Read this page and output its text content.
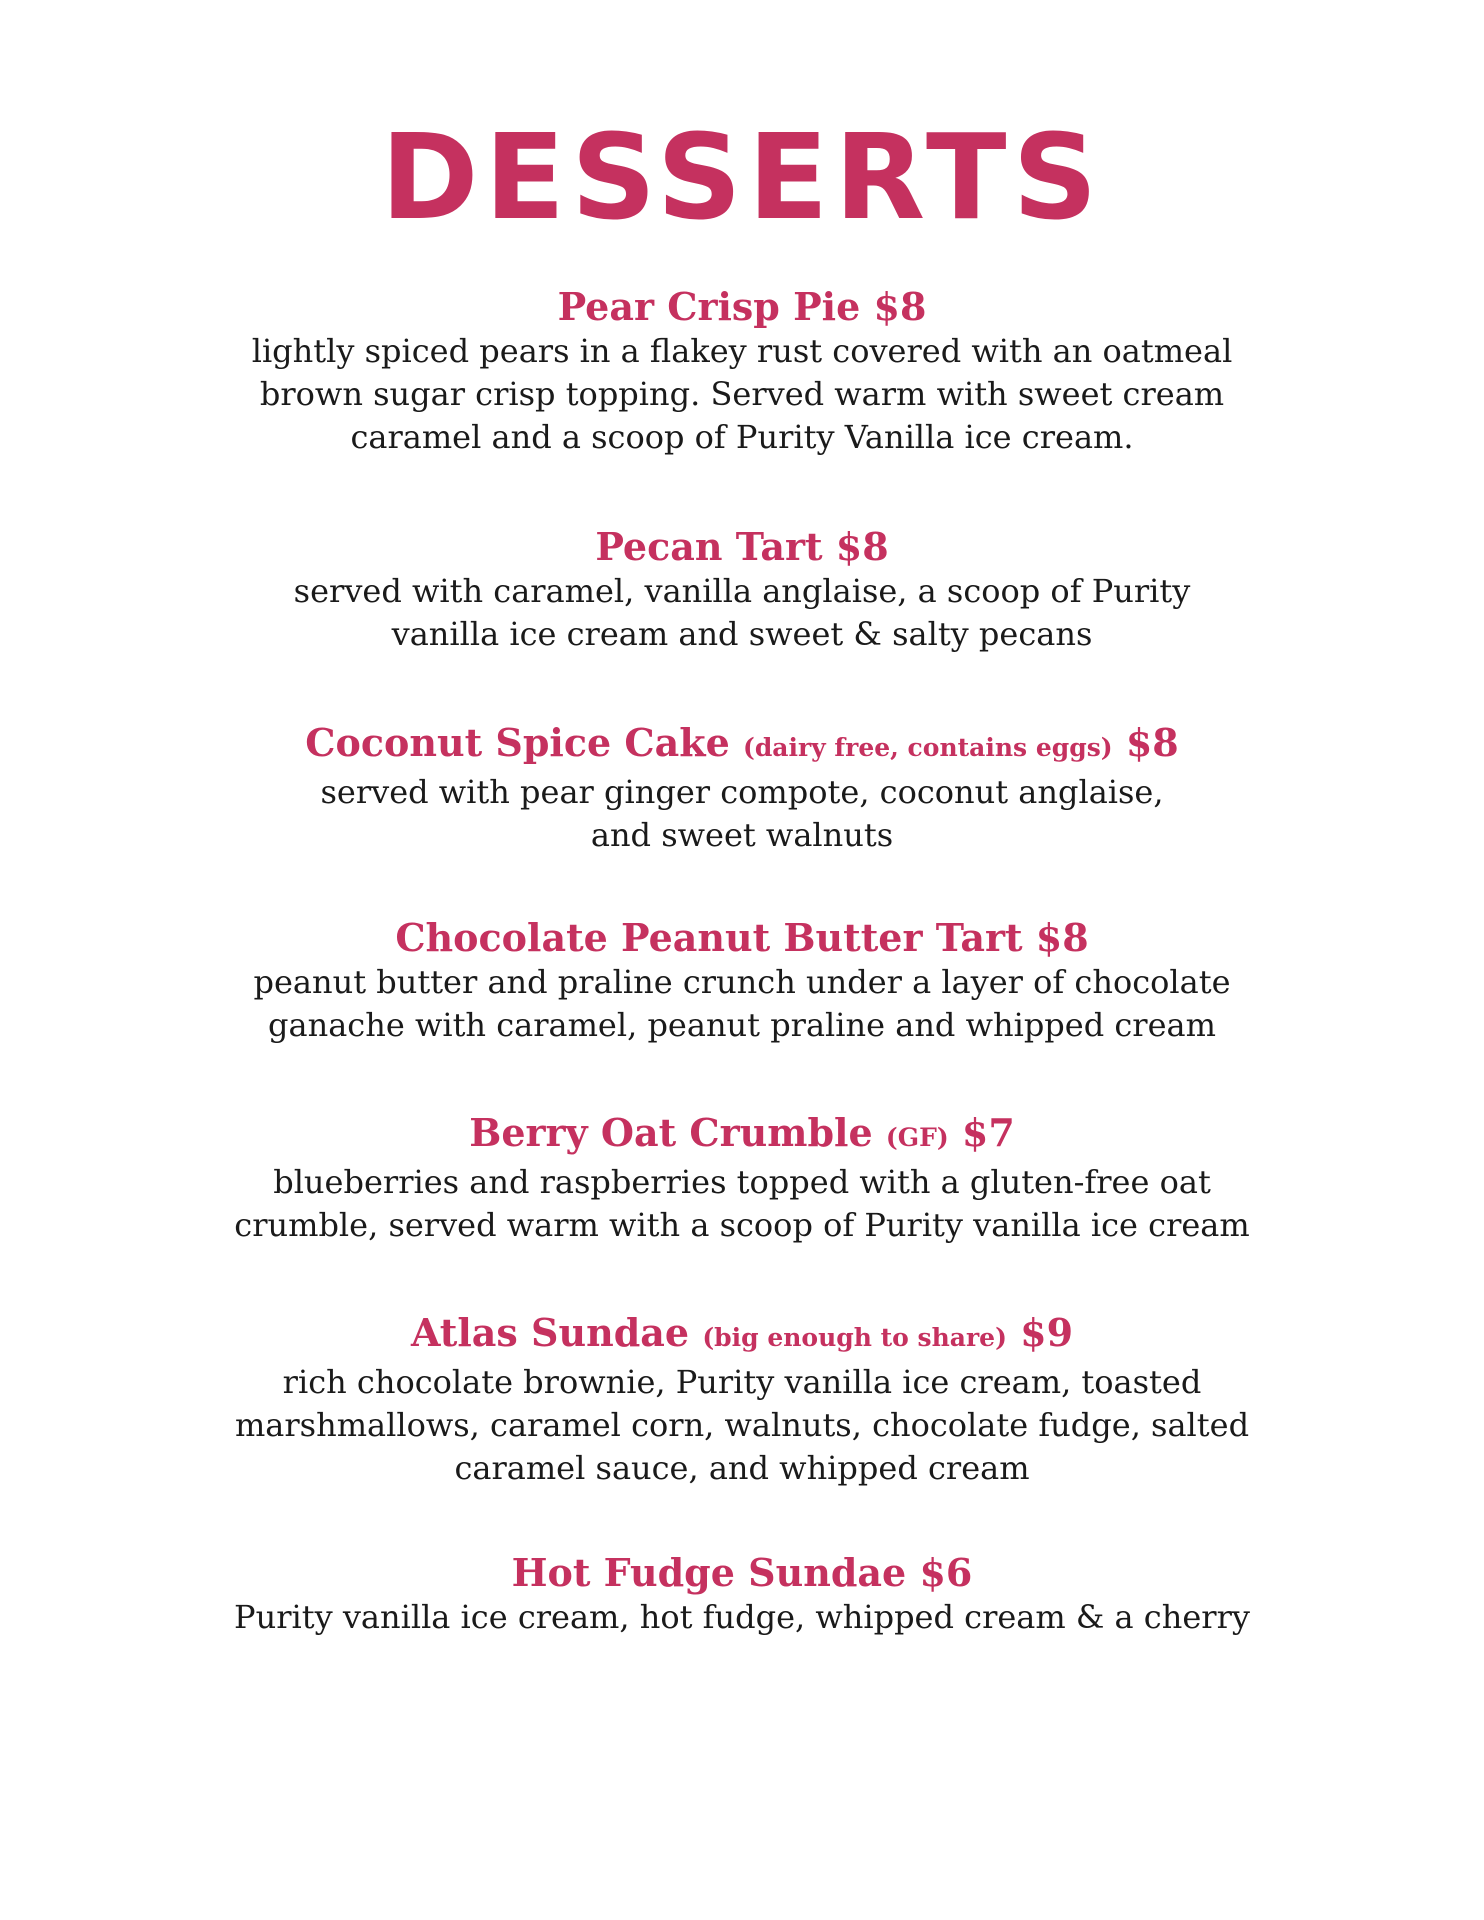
DESSERTS
Pear Crisp Pie $8
lightly spiced pears in a flakey rust covered with an oatmeal
brown sugar crisp topping. Served warm with sweet cream
caramel and a scoop of Purity Vanilla ice cream.
Pecan Tart $8
served with caramel, vanilla anglaise, a scoop of Purity
vanilla ice cream and sweet & salty pecans
Coconut Spice Cake (dairy free, contains eggs) $8
served with pear ginger compote, coconut anglaise,
and sweet walnuts
Chocolate Peanut Butter Tart $8
peanut butter and praline crunch under a layer of chocolate
ganache with caramel, peanut praline and whipped cream
Berry Oat Crumble (GF) $7
blueberries and raspberries topped with a gluten-free oat
crumble, served warm with a scoop of Purity vanilla ice cream
Atlas Sundae (big enough to share) $9
rich chocolate brownie, Purity vanilla ice cream, toasted
marshmallows, caramel corn, walnuts, chocolate fudge, salted
caramel sauce, and whipped cream
Hot Fudge Sundae $6
Purity vanilla ice cream, hot fudge, whipped cream & a cherry
